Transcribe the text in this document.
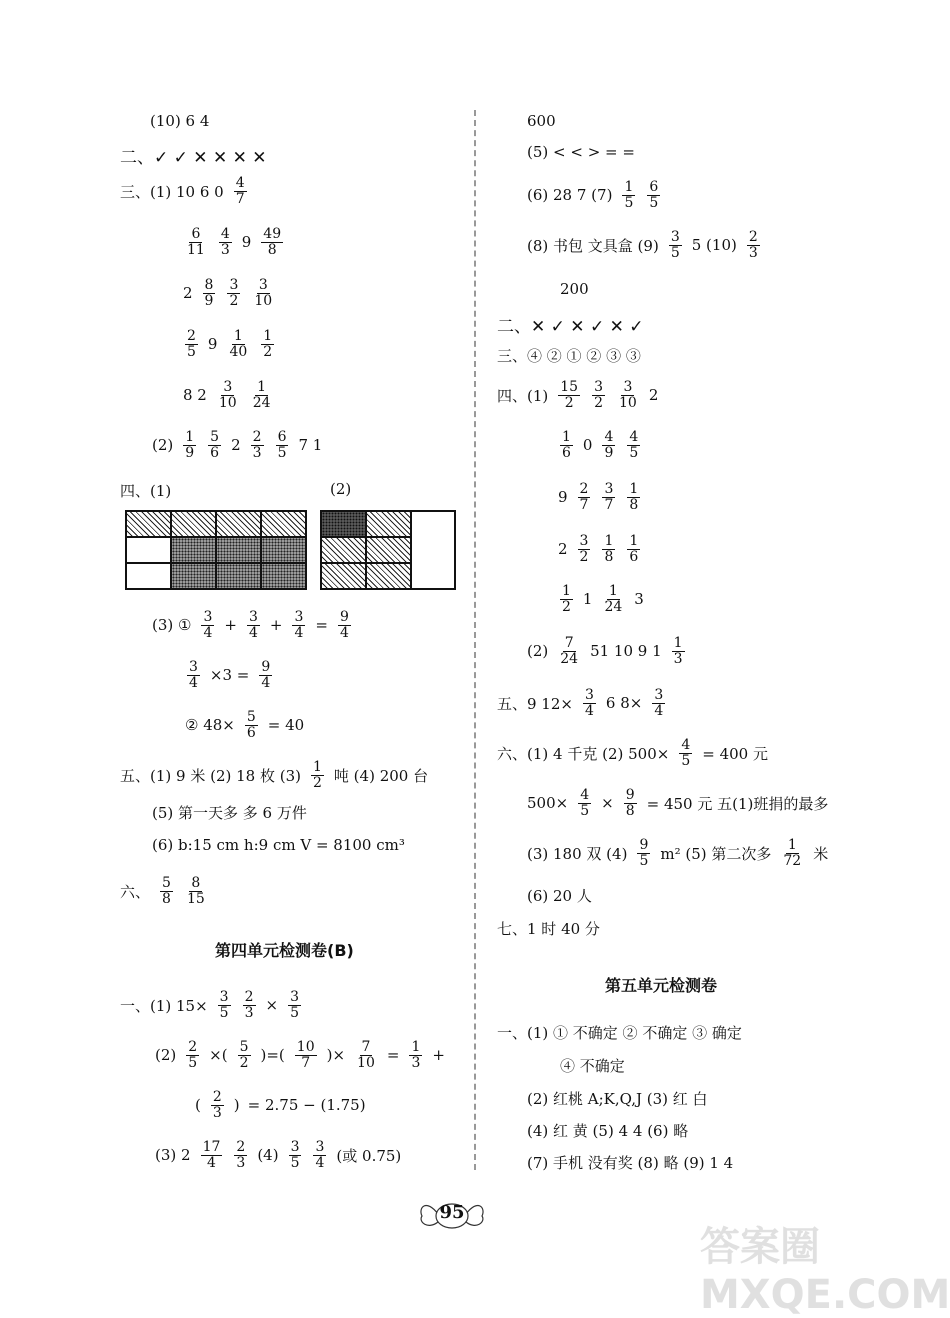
(10) 6 4
二、✓ ✓ ✕ ✕ ✕ ✕
三、(1) 10 6 $0 \frac{4}{7}$
$\frac{6}{11} \frac{4}{3} 9 \frac{49}{8}$
$2 \frac{8}{9} \frac{3}{2} \frac{3}{10}$
$\frac{2}{5} 9 \frac{1}{40} \frac{1}{2}$
8 $2 \frac{3}{10} \frac{1}{24}$
$(2) \frac{1}{9} \frac{5}{6} 2 \frac{2}{3} \frac{6}{5} 7$ 1
四、(1)	(2)
(3) ① $\frac{3}{4} + \frac{3}{4} + \frac{3}{4} = \frac{9}{4}$
$\frac{3}{4} \times 3 = \frac{9}{4}$
② $48\times \frac{5}{6} = 40$
五、(1) 9 米 (2) 18 枚 $(3) \frac{1}{2}$ 吨 (4) 200 台
(5) 第一天多 多 6 万件
(6) b:15 cm h:9 cm V = 8100 cm³
六、 $\frac{5}{8} \frac{8}{15}$
第四单元检测卷(B)
一、(1) $15\times \frac{3}{5} \frac{2}{3} \times \frac{3}{5}$
$(2) \frac{2}{5}$ ×( $\frac{5}{2}$ )=( $\frac{10}{7}$ )× $\frac{7}{10} = \frac{1}{3}$ +
( $\frac{2}{3}$ ) = 2.75 − (1.75)
(3) $2 \frac{17}{4} \frac{2}{3} (4) \frac{3}{5} \frac{3}{4}$ (或 0.75)
600
(5) < < > = =
(6) 28 7 $(7) \frac{1}{5} \frac{6}{5}$
(8) 书包 文具盒 $(9) \frac{3}{5} 5$ $(10) \frac{2}{3}$
200
二、✕ ✓ ✕ ✓ ✕ ✓
三、④ ② ① ② ③ ③
四、$(1) \frac{15}{2} \frac{3}{2} \frac{3}{10} 2$
$\frac{1}{6} 0 \frac{4}{9} \frac{4}{5}$
$9 \frac{2}{7} \frac{3}{7} \frac{1}{8}$
$2 \frac{3}{2} \frac{1}{8} \frac{1}{6}$
$\frac{1}{2} 1 \frac{1}{24} 3$
$(2) \frac{7}{24} 51$ 10 9 $1 \frac{1}{3}$
五、9 $12\times \frac{3}{4} 6$ $8\times \frac{3}{4}$
六、(1) 4 千克 (2) $500\times \frac{4}{5} = 400$ 元
$500\times \frac{4}{5} \times \frac{9}{8} = 450$ 元 五(1)班捐的最多
(3) 180 双 $(4) \frac{9}{5} m^2$ (5) 第二次多 $\frac{1}{72}$ 米
(6) 20 人
七、1 时 40 分
第五单元检测卷
一、(1) ① 不确定 ② 不确定 ③ 确定
④ 不确定
(2) 红桃 A;K,Q,J (3) 红 白
(4) 红 黄 (5) 4 4 (6) 略
(7) 手机 没有奖 (8) 略 (9) 1 4
95
答案圈 MXQE.COM
